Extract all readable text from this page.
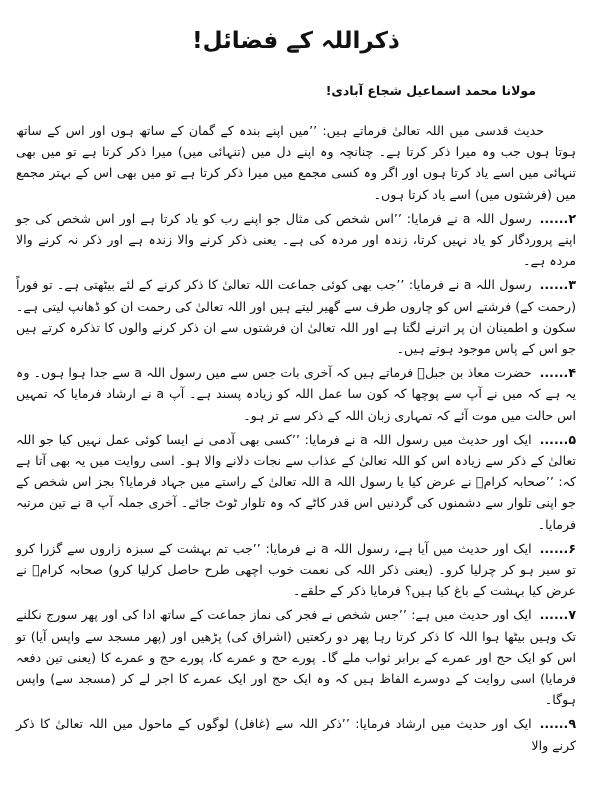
ذکراللہ کے فضائل!
مولانا محمد اسماعیل شجاع آبادی!

حدیث قدسی میں اللہ تعالیٰ فرماتے ہیں: ’’میں اپنے بندہ کے گمان کے ساتھ ہوں اور اس کے ساتھ ہوتا ہوں جب وہ میرا ذکر کرتا ہے۔ چنانچہ وہ اپنے دل میں (تنہائی میں) میرا ذکر کرتا ہے تو میں بھی تنہائی میں اسے یاد کرتا ہوں اور اگر وہ کسی مجمع میں میرا ذکر کرتا ہے تو میں بھی اس کے بہتر مجمع میں (فرشتوں میں) اسے یاد کرتا ہوں۔

۲......رسول اللہ a نے فرمایا: ’’اس شخص کی مثال جو اپنے رب کو یاد کرتا ہے اور اس شخص کی جو اپنے پروردگار کو یاد نہیں کرتا، زندہ اور مردہ کی ہے۔ یعنی ذکر کرنے والا زندہ ہے اور ذکر نہ کرنے والا مردہ ہے۔

۳......رسول اللہ a نے فرمایا: ’’جب بھی کوئی جماعت اللہ تعالیٰ کا ذکر کرنے کے لئے بیٹھتی ہے۔ تو فوراً (رحمت کے) فرشتے اس کو چاروں طرف سے گھیر لیتے ہیں اور اللہ تعالیٰ کی رحمت ان کو ڈھانپ لیتی ہے۔ سکون و اطمینان ان پر اترنے لگتا ہے اور اللہ تعالیٰ ان فرشتوں سے ان ذکر کرنے والوں کا تذکرہ کرتے ہیں جو اس کے پاس موجود ہوتے ہیں۔

۴......حضرت معاذ بن جبلؓ فرماتے ہیں کہ آخری بات جس سے میں رسول اللہ a سے جدا ہوا ہوں۔ وہ یہ ہے کہ میں نے آپ سے پوچھا کہ کون سا عمل اللہ کو زیادہ پسند ہے۔ آپ a نے ارشاد فرمایا کہ تمہیں اس حالت میں موت آئے کہ تمہاری زبان اللہ کے ذکر سے تر ہو۔

۵......ایک اور حدیث میں رسول اللہ a نے فرمایا: ’’کسی بھی آدمی نے ایسا کوئی عمل نہیں کیا جو اللہ تعالیٰ کے ذکر سے زیادہ اس کو اللہ تعالیٰ کے عذاب سے نجات دلانے والا ہو۔ اسی روایت میں یہ بھی آتا ہے کہ: ’’صحابہ کرامؓ نے عرض کیا یا رسول اللہ a اللہ تعالیٰ کے راستے میں جہاد فرمایا؟ بجز اس شخص کے جو اپنی تلوار سے دشمنوں کی گردنیں اس قدر کاٹے کہ وہ تلوار ٹوٹ جائے۔ آخری جملہ آپ a نے تین مرتبہ فرمایا۔

۶......ایک اور حدیث میں آیا ہے، رسول اللہ a نے فرمایا: ’’جب تم بہشت کے سبزہ زاروں سے گزرا کرو تو سیر ہو کر چرلیا کرو۔ (یعنی ذکر اللہ کی نعمت خوب اچھی طرح حاصل کرلیا کرو) صحابہ کرامؓ نے عرض کیا بہشت کے باغ کیا ہیں؟ فرمایا ذکر کے حلقے۔

۷......ایک اور حدیث میں ہے: ’’جس شخص نے فجر کی نماز جماعت کے ساتھ ادا کی اور پھر سورج نکلنے تک وہیں بیٹھا ہوا اللہ کا ذکر کرتا رہا پھر دو رکعتیں (اشراق کی) پڑھیں اور (پھر مسجد سے واپس آیا) تو اس کو ایک حج اور عمرے کے برابر ثواب ملے گا۔ پورے حج و عمرے کا، پورے حج و عمرے کا (یعنی تین دفعہ فرمایا) اسی روایت کے دوسرے الفاظ ہیں کہ وہ ایک حج اور ایک عمرے کا اجر لے کر (مسجد سے) واپس ہوگا۔

۹......ایک اور حدیث میں ارشاد فرمایا: ’’ذکر اللہ سے (غافل) لوگوں کے ماحول میں اللہ تعالیٰ کا ذکر کرنے والا
